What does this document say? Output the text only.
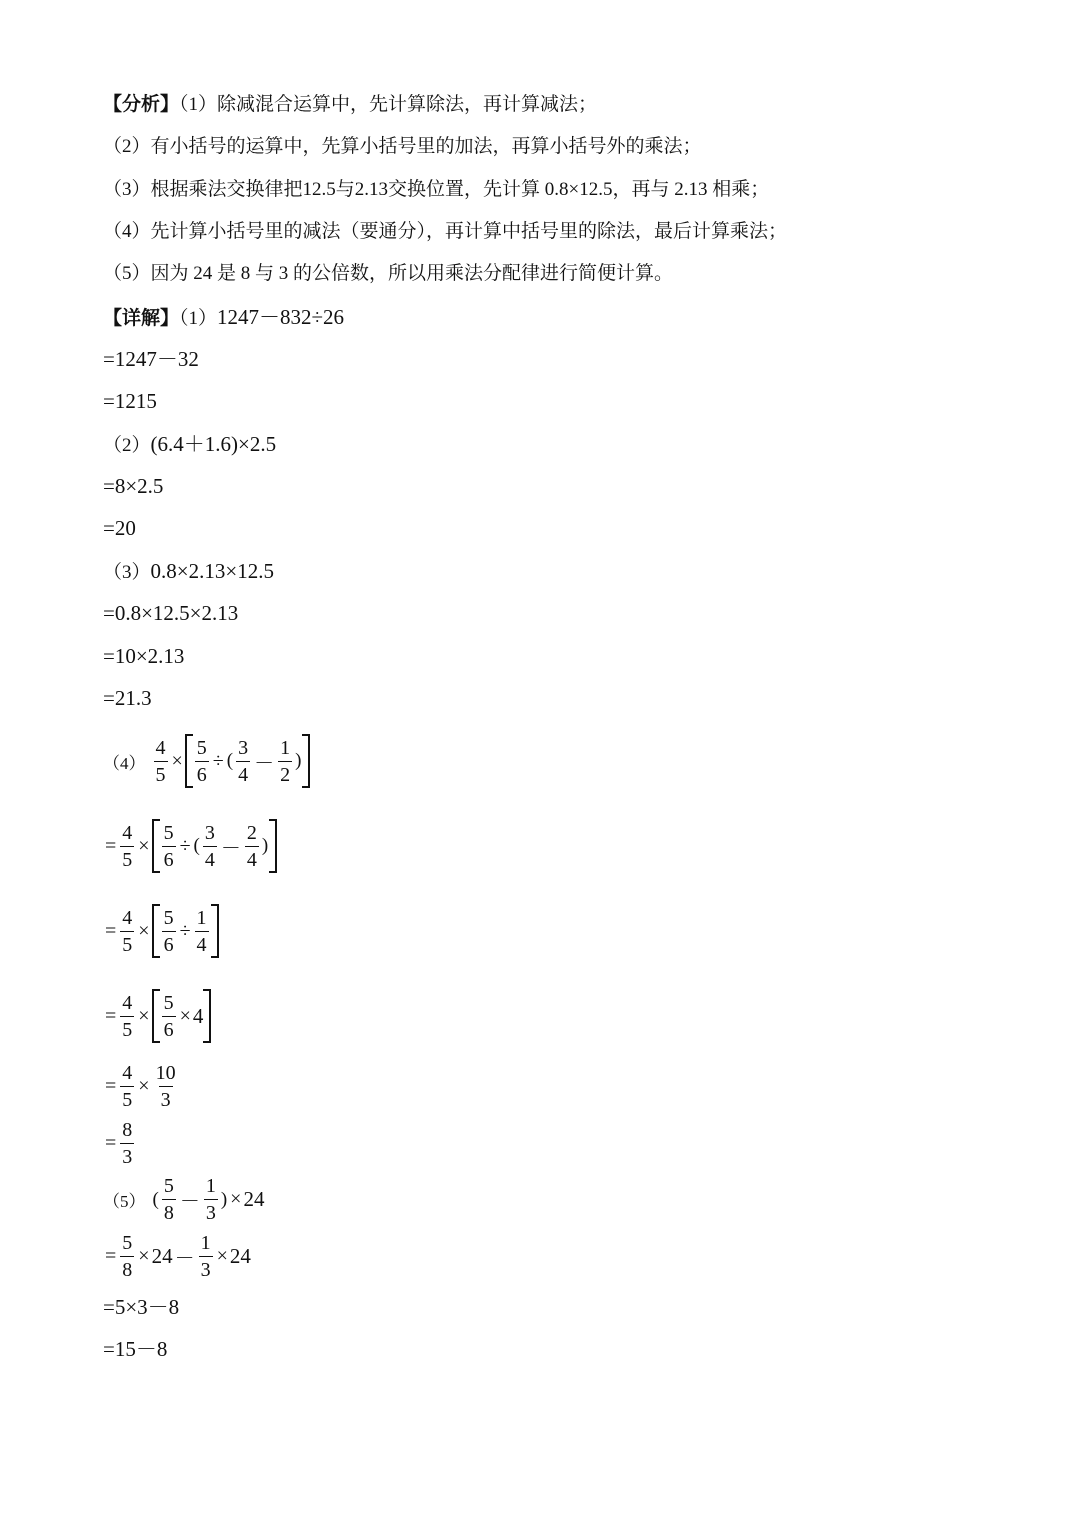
【分析】（1）除减混合运算中，先计算除法，再计算减法；
（2）有小括号的运算中，先算小括号里的加法，再算小括号外的乘法；
（3）根据乘法交换律把12.5与2.13交换位置，先计算 0.8×12.5，再与 2.13 相乘；
（4）先计算小括号里的减法（要通分），再计算中括号里的除法，最后计算乘法；
（5）因为 24 是 8 与 3 的公倍数，所以用乘法分配律进行简便计算。
【详解】（1）1247－832÷26
=1247－32
=1215
（2）(6.4＋1.6)×2.5
=8×2.5
=20
（3）0.8×2.13×12.5
=0.8×12.5×2.13
=10×2.13
=21.3
$(4) \frac{4}{5} \times \frac{5}{6}$ ÷ ( $\frac{3}{4} - \frac{1}{2}$ )
= $\frac{4}{5} \times \frac{5}{6}$ ÷ ( $\frac{3}{4} - \frac{2}{4}$ )
= $\frac{4}{5} \times \frac{5}{6} \div \frac{1}{4}$
= $\frac{4}{5} \times \frac{5}{6} \times 4$
= $\frac{4}{5} \times \frac{10}{3}$
= $\frac{8}{3}$
（5） ( $\frac{5}{8} - \frac{1}{3}$ ) × 24
= $\frac{5}{8} \times 24 - \frac{1}{3} \times 24$
=5×3－8
=15－8
